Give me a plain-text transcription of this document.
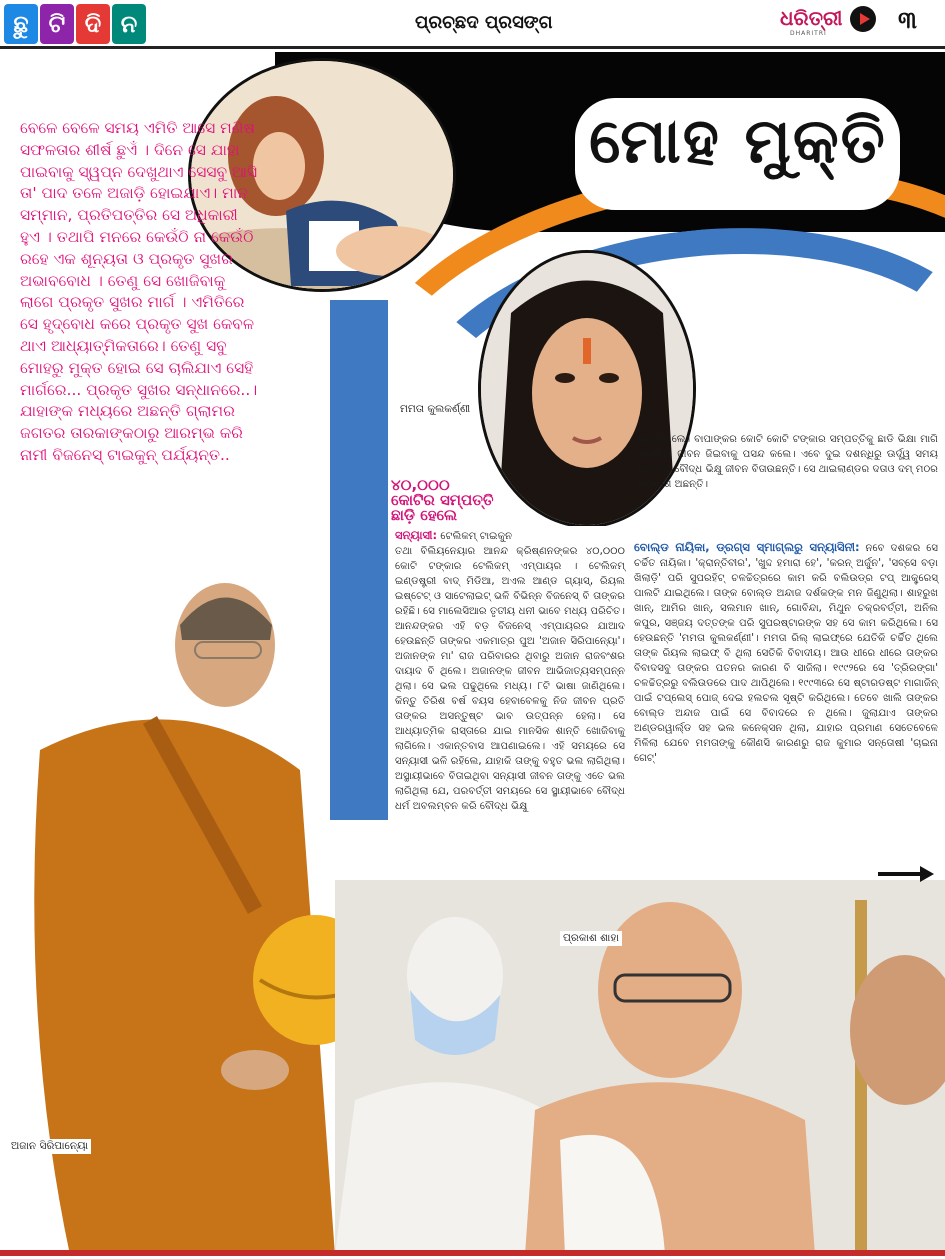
ଛୁ ଟି ଦି ନ	ପ୍ରଚ୍ଛଦ ପ୍ରସଙ୍ଗ	ଧରିତ୍ରୀ
DHARITRI	୩
ମୋହ ମୁକ୍ତି
ବେଳେ ବେଳେ ସମୟ ଏମିତି ଆସେ ମଣିଷ ସଫଳତାର ଶୀର୍ଷ ଛୁଏଁ । ଦିନେ ସେ ଯାହା ପାଇବାକୁ ସ୍ୱପ୍ନ ଦେଖୁଥାଏ ସେସବୁ ଆସି ତା' ପାଦ ତଳେ ଅଜାଡ଼ି ହୋଇଯାଏ। ମାନ ସମ୍ମାନ, ପ୍ରତିପତ୍ତିର ସେ ଅଧିକାରୀ ହୁଏ । ତଥାପି ମନରେ କେଉଁଠି ନା କେଉଁଠି ରହେ ଏକ ଶୂନ୍ୟତା ଓ ପ୍ରକୃତ ସୁଖର ଅଭାବବୋଧ । ତେଣୁ ସେ ଖୋଜିବାକୁ ଲାଗେ ପ୍ରକୃତ ସୁଖର ମାର୍ଗ । ଏମିତିରେ ସେ ହୃଦ୍‌ବୋଧ କରେ ପ୍ରକୃତ ସୁଖ କେବଳ ଥାଏ ଆଧ୍ୟାତ୍ମିକତାରେ। ତେଣୁ ସବୁ ମୋହରୁ ମୁକ୍ତ ହୋଇ ସେ ଚାଲିଯାଏ ସେହି ମାର୍ଗରେ... ପ୍ରକୃତ ସୁଖର ସନ୍ଧାନରେ..। ଯାହାଙ୍କ ମଧ୍ୟରେ ଅଛନ୍ତି ଗ୍ଲାମର ଜଗତର ତାରକାଙ୍କଠାରୁ ଆରମ୍ଭ କରି ନାମୀ ବିଜନେସ୍ ଟାଇକୁନ୍ ପର୍ଯ୍ୟନ୍ତ..
ମମତା କୁଲକର୍ଣ୍ଣୀ
ପ୍ରକାଶ ଶାହା
ଅଜାନ ସିରିପାନ୍ୟୋ
୪୦,୦୦୦
କୋଟିର ସମ୍ପତ୍ତି
ଛାଡ଼ି ହେଲେ
ସନ୍ୟାସୀ: ଟେଲିକମ୍ ଟାଇକୁନ
ତଥା ବିଲିୟନେୟାର ଆନନ୍ଦ କ୍ରିଷ୍ଣନଙ୍କର ୪୦,୦୦୦ କୋଟି ଟଙ୍କାର ଟେଲିକମ୍ ଏମ୍ପାୟର । ଟେଲିକମ୍ ଇଣ୍ଡଷ୍ଟ୍ରୀ ବାଦ୍ ମିଡିଆ, ଅଏଲ ଆଣ୍ଡ ଗ୍ୟାସ୍, ରିୟଲ ଇଷ୍ଟେଟ୍ ଓ ସାଟେଲାଇଟ୍ ଭଳି ବିଭିନ୍ନ ବିଜନେସ୍ ବି ତାଙ୍କର ରହିଛି। ସେ ମାଲେସିଆର ତୃତୀୟ ଧନୀ ଭାବେ ମଧ୍ୟ ପରିଚିତ। ଆନନ୍ଦଙ୍କର ଏହି ବଡ଼ ବିଜନେସ୍ ଏମ୍ପାୟରର ଯାଆଦ ହେଉଛନ୍ତି ତାଙ୍କର ଏକମାତ୍ର ପୁଅ 'ଅଜାନ ସିରିପାନ୍ୟୋ'। ଅଜାନଙ୍କ ମା' ରାଜ ପରିବାରର ଥିବାରୁ ଅଜାନ ରାଜବଂଶର ଦାୟାଦ ବି ଥିଲେ। ଅଜାନଙ୍କ ଜୀବନ ଆଭିଜାତ୍ୟସମ୍ପନ୍ନ ଥିଲା। ସେ ଭଲ ପଢୁଥିଲେ ମଧ୍ୟ। ୮ଟି ଭାଷା ଜାଣିଥିଲେ। କିନ୍ତୁ ତିରିଶ ବର୍ଷ ବୟସ ହେବାବେଳକୁ ନିଜ ଜୀବନ ପ୍ରତି ତାଙ୍କର ଅସନ୍ତୁଷ୍ଟ ଭାବ ଉତ୍ପନ୍ନ ହେଲା। ସେ ଆଧ୍ୟାତ୍ମିକ ରାସ୍ତାରେ ଯାଇ ମାନସିକ ଶାନ୍ତି ଖୋଜିବାକୁ ଲାଗିଲେ। ଏକାନ୍ତବାସ ଆପଣାଇଲେ। ଏହି ସମୟରେ ସେ ସନ୍ୟାସୀ ଭଳି ରହିଲେ, ଯାହାକି ତାଙ୍କୁ ବହୁତ ଭଲ ଲାଗିଥିଲା। ଅସ୍ଥାୟୀଭାବେ ବିତାଇଥିବା ସନ୍ୟାସୀ ଜୀବନ ତାଙ୍କୁ ଏତେ ଭଲ ଲାଗିଥିଲା ଯେ, ପରବର୍ତ୍ତୀ ସମୟରେ ସେ ସ୍ଥାୟୀଭାବେ ବୌଦ୍ଧ ଧର୍ମ ଅବଲମ୍ବନ କରି ବୌଦ୍ଧ ଭିକ୍ଷୁ
ପାଲଟିଗଲେ। ବାପାଙ୍କର କୋଟି କୋଟି ଟଙ୍କାର ସମ୍ପତ୍ତିକୁ ଛାଡି ଭିକ୍ଷା ମାଗି ସାଦାସିଧା ଜୀବନ ଜିଇବାକୁ ପସନ୍ଦ କଲେ। ଏବେ ଦୁଇ ଦଶନ୍ଧିରୁ ଊର୍ଦ୍ଧ୍ୱ ସମୟ ହେବ ସେ ବୌଦ୍ଧ ଭିକ୍ଷୁ ଜୀବନ ବିତାଉଛନ୍ତି। ସେ ଥାଇଲାଣ୍ଡର ଦତାଓ ଦମ୍ ମଠର ମଠାଧୀଶ ଅଛନ୍ତି।
ବୋଲ୍ଡ ନାୟିକା, ଡ୍ରଗ୍ସ ସ୍ମାଗ୍‌ଲରୁ ସନ୍ୟାସିନୀ: ନବେ ଦଶକର ସେ ଚର୍ଚ୍ଚିତ ନାୟିକା। 'କ୍ରାନ୍ତିବୀର', 'ଖୁଦ୍ଦ ହମାରା ହେ', 'କରନ୍ ଅର୍ଜୁନ', 'ସବ୍‌ସେ ବଡ଼ା ଖିଲାଡ଼ି' ପରି ସୁପରହିଟ୍ ଚଳଚ୍ଚିତ୍ରରେ କାମ କରି ବଲିଉଡ୍‌ର ଟପ୍ ଆକ୍ଟ୍ରେସ୍ ପାଲଟି ଯାଇଥିଲେ। ତାଙ୍କ ବୋଲ୍ଡ ଅନ୍ଦାଜ ଦର୍ଶକଙ୍କ ମନ ଜିଣୁଥିଲା। ଶାହରୁଖ ଖାନ୍, ଆମିର ଖାନ୍, ସଲମାନ ଖାନ୍, ଗୋବିନ୍ଦା, ମିଥୁନ ଚକ୍ରବର୍ତ୍ତୀ, ଅନିଲ କପୁର, ସଞ୍ଜୟ ଦତ୍ତଙ୍କ ପରି ସୁପରଷ୍ଟାରଙ୍କ ସହ ସେ କାମ କରିଥିଲେ। ସେ ହେଉଛନ୍ତି 'ମମତା କୁଲକର୍ଣ୍ଣୀ'। ମମତା ରିଲ୍ ଲାଇଫ୍‌ରେ ଯେତିକି ଚର୍ଚ୍ଚିତ ଥିଲେ ତାଙ୍କ ରିୟଲ ଲାଇଫ୍ ବି ଥିଲା ସେତିକି ବିବାଦୀୟ। ଆଉ ଧୀରେ ଧୀରେ ତାଙ୍କର ବିବାଦସବୁ ତାଙ୍କର ପତନର କାରଣ ବି ସାଜିଲା। ୧୯୯୨ରେ ସେ 'ତ୍ରିରଙ୍ଗା' ଚଳଚ୍ଚିତ୍ରରୁ ବଲିଉଡରେ ପାଦ ଥାପିଥିଲେ। ୧୯୯୩ରେ ସେ ଷ୍ଟାରଡଷ୍ଟ ମାଗାଜିନ୍ ପାଇଁ ଟପ୍‌ଲେସ୍ ପୋଜ୍ ଦେଇ ହଲଚଲ ସୃଷ୍ଟି କରିଥିଲେ। ତେବେ ଖାଲି ତାଙ୍କର ବୋଲ୍ଡ ଅନ୍ଦାଜ ପାଇଁ ସେ ବିବାଦରେ ନ ଥିଲେ। ଜୁଲାଯାଏ ତାଙ୍କର ଅଣ୍ଡରୱାର୍ଲ୍ଡ ସହ ଭଲ କନେକ୍ସନ ଥିଲା, ଯାହାର ପ୍ରମାଣ ସେତେବେଳେ ମିଳିଲା ଯେବେ ମମତାଙ୍କୁ କୌଣସି କାରଣରୁ ରାଜ କୁମାର ସନ୍ତୋଷୀ 'ଚାଇନା ଗେଟ୍'
